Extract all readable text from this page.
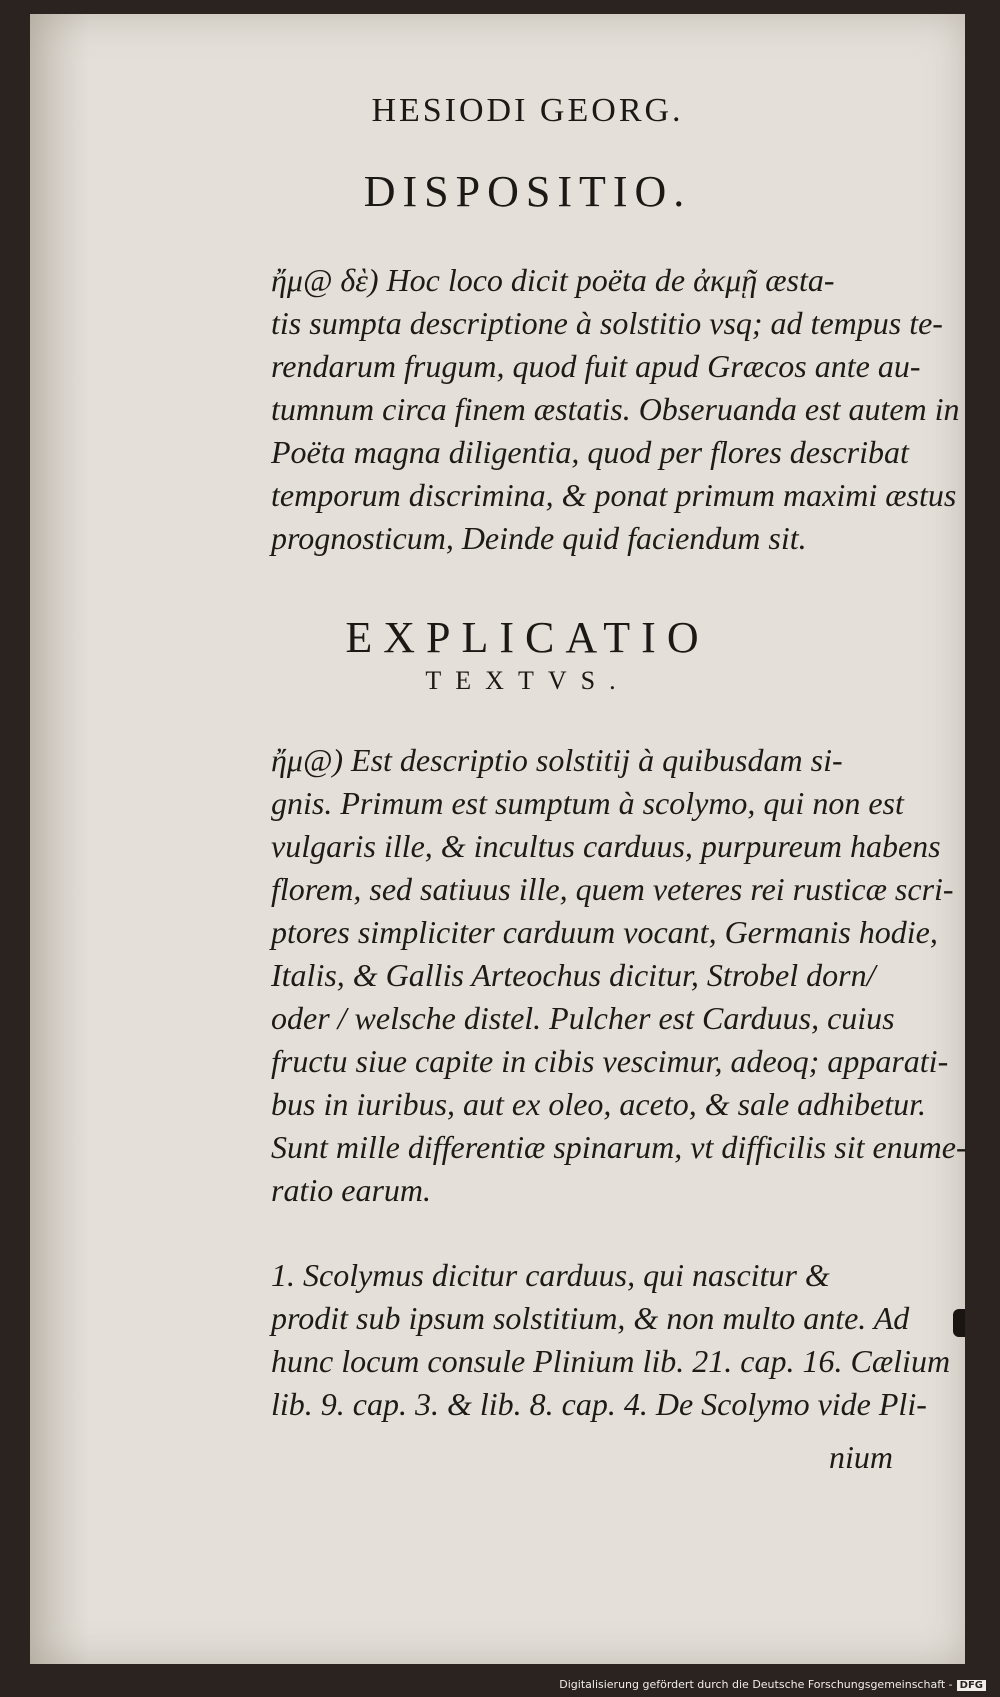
HESIODI GEORG.
DISPOSITIO.
ἤμ@ δὲ) Hoc loco dicit poëta de ἀκμῇ æsta-
tis sumpta descriptione à solstitio vsq; ad tempus te-
rendarum frugum, quod fuit apud Græcos ante au-
tumnum circa finem æstatis. Obseruanda est autem in
Poëta magna diligentia, quod per flores describat
temporum discrimina, & ponat primum maximi æstus
prognosticum, Deinde quid faciendum sit.
EXPLICATIO
TEXTVS.
ἤμ@) Est descriptio solstitij à quibusdam si-
gnis. Primum est sumptum à scolymo, qui non est
vulgaris ille, & incultus carduus, purpureum habens
florem, sed satiuus ille, quem veteres rei rusticæ scri-
ptores simpliciter carduum vocant, Germanis hodie,
Italis, & Gallis Arteochus dicitur, Strobel dorn/
oder / welsche distel. Pulcher est Carduus, cuius
fructu siue capite in cibis vescimur, adeoq; apparati-
bus in iuribus, aut ex oleo, aceto, & sale adhibetur.
Sunt mille differentiæ spinarum, vt difficilis sit enume-
ratio earum.
1. Scolymus dicitur carduus, qui nascitur &
prodit sub ipsum solstitium, & non multo ante. Ad
hunc locum consule Plinium lib. 21. cap. 16. Cælium
lib. 9. cap. 3. & lib. 8. cap. 4. De Scolymo vide Pli-
nium
Digitalisierung gefördert durch die Deutsche Forschungsgemeinschaft - DFG
